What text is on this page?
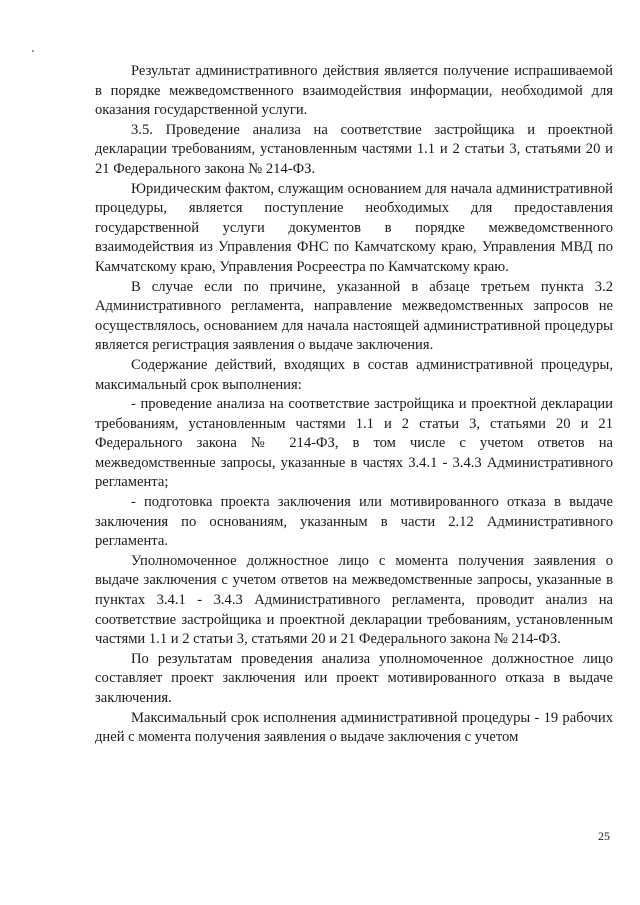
Результат административного действия является получение испрашиваемой в порядке межведомственного взаимодействия информации, необходимой для оказания государственной услуги.

3.5. Проведение анализа на соответствие застройщика и проектной декларации требованиям, установленным частями 1.1 и 2 статьи 3, статьями 20 и 21 Федерального закона № 214-ФЗ.

Юридическим фактом, служащим основанием для начала административной процедуры, является поступление необходимых для предоставления государственной услуги документов в порядке межведомственного взаимодействия из Управления ФНС по Камчатскому краю, Управления МВД по Камчатскому краю, Управления Росреестра по Камчатскому краю.

В случае если по причине, указанной в абзаце третьем пункта 3.2 Административного регламента, направление межведомственных запросов не осуществлялось, основанием для начала настоящей административной процедуры является регистрация заявления о выдаче заключения.

Содержание действий, входящих в состав административной процедуры, максимальный срок выполнения:

- проведение анализа на соответствие застройщика и проектной декларации требованиям, установленным частями 1.1 и 2 статьи 3, статьями 20 и 21 Федерального закона № 214-ФЗ, в том числе с учетом ответов на межведомственные запросы, указанные в частях 3.4.1 - 3.4.3 Административного регламента;

- подготовка проекта заключения или мотивированного отказа в выдаче заключения по основаниям, указанным в части 2.12 Административного регламента.

Уполномоченное должностное лицо с момента получения заявления о выдаче заключения с учетом ответов на межведомственные запросы, указанные в пунктах 3.4.1 - 3.4.3 Административного регламента, проводит анализ на соответствие застройщика и проектной декларации требованиям, установленным частями 1.1 и 2 статьи 3, статьями 20 и 21 Федерального закона № 214-ФЗ.

По результатам проведения анализа уполномоченное должностное лицо составляет проект заключения или проект мотивированного отказа в выдаче заключения.

Максимальный срок исполнения административной процедуры - 19 рабочих дней с момента получения заявления о выдаче заключения с учетом

25
